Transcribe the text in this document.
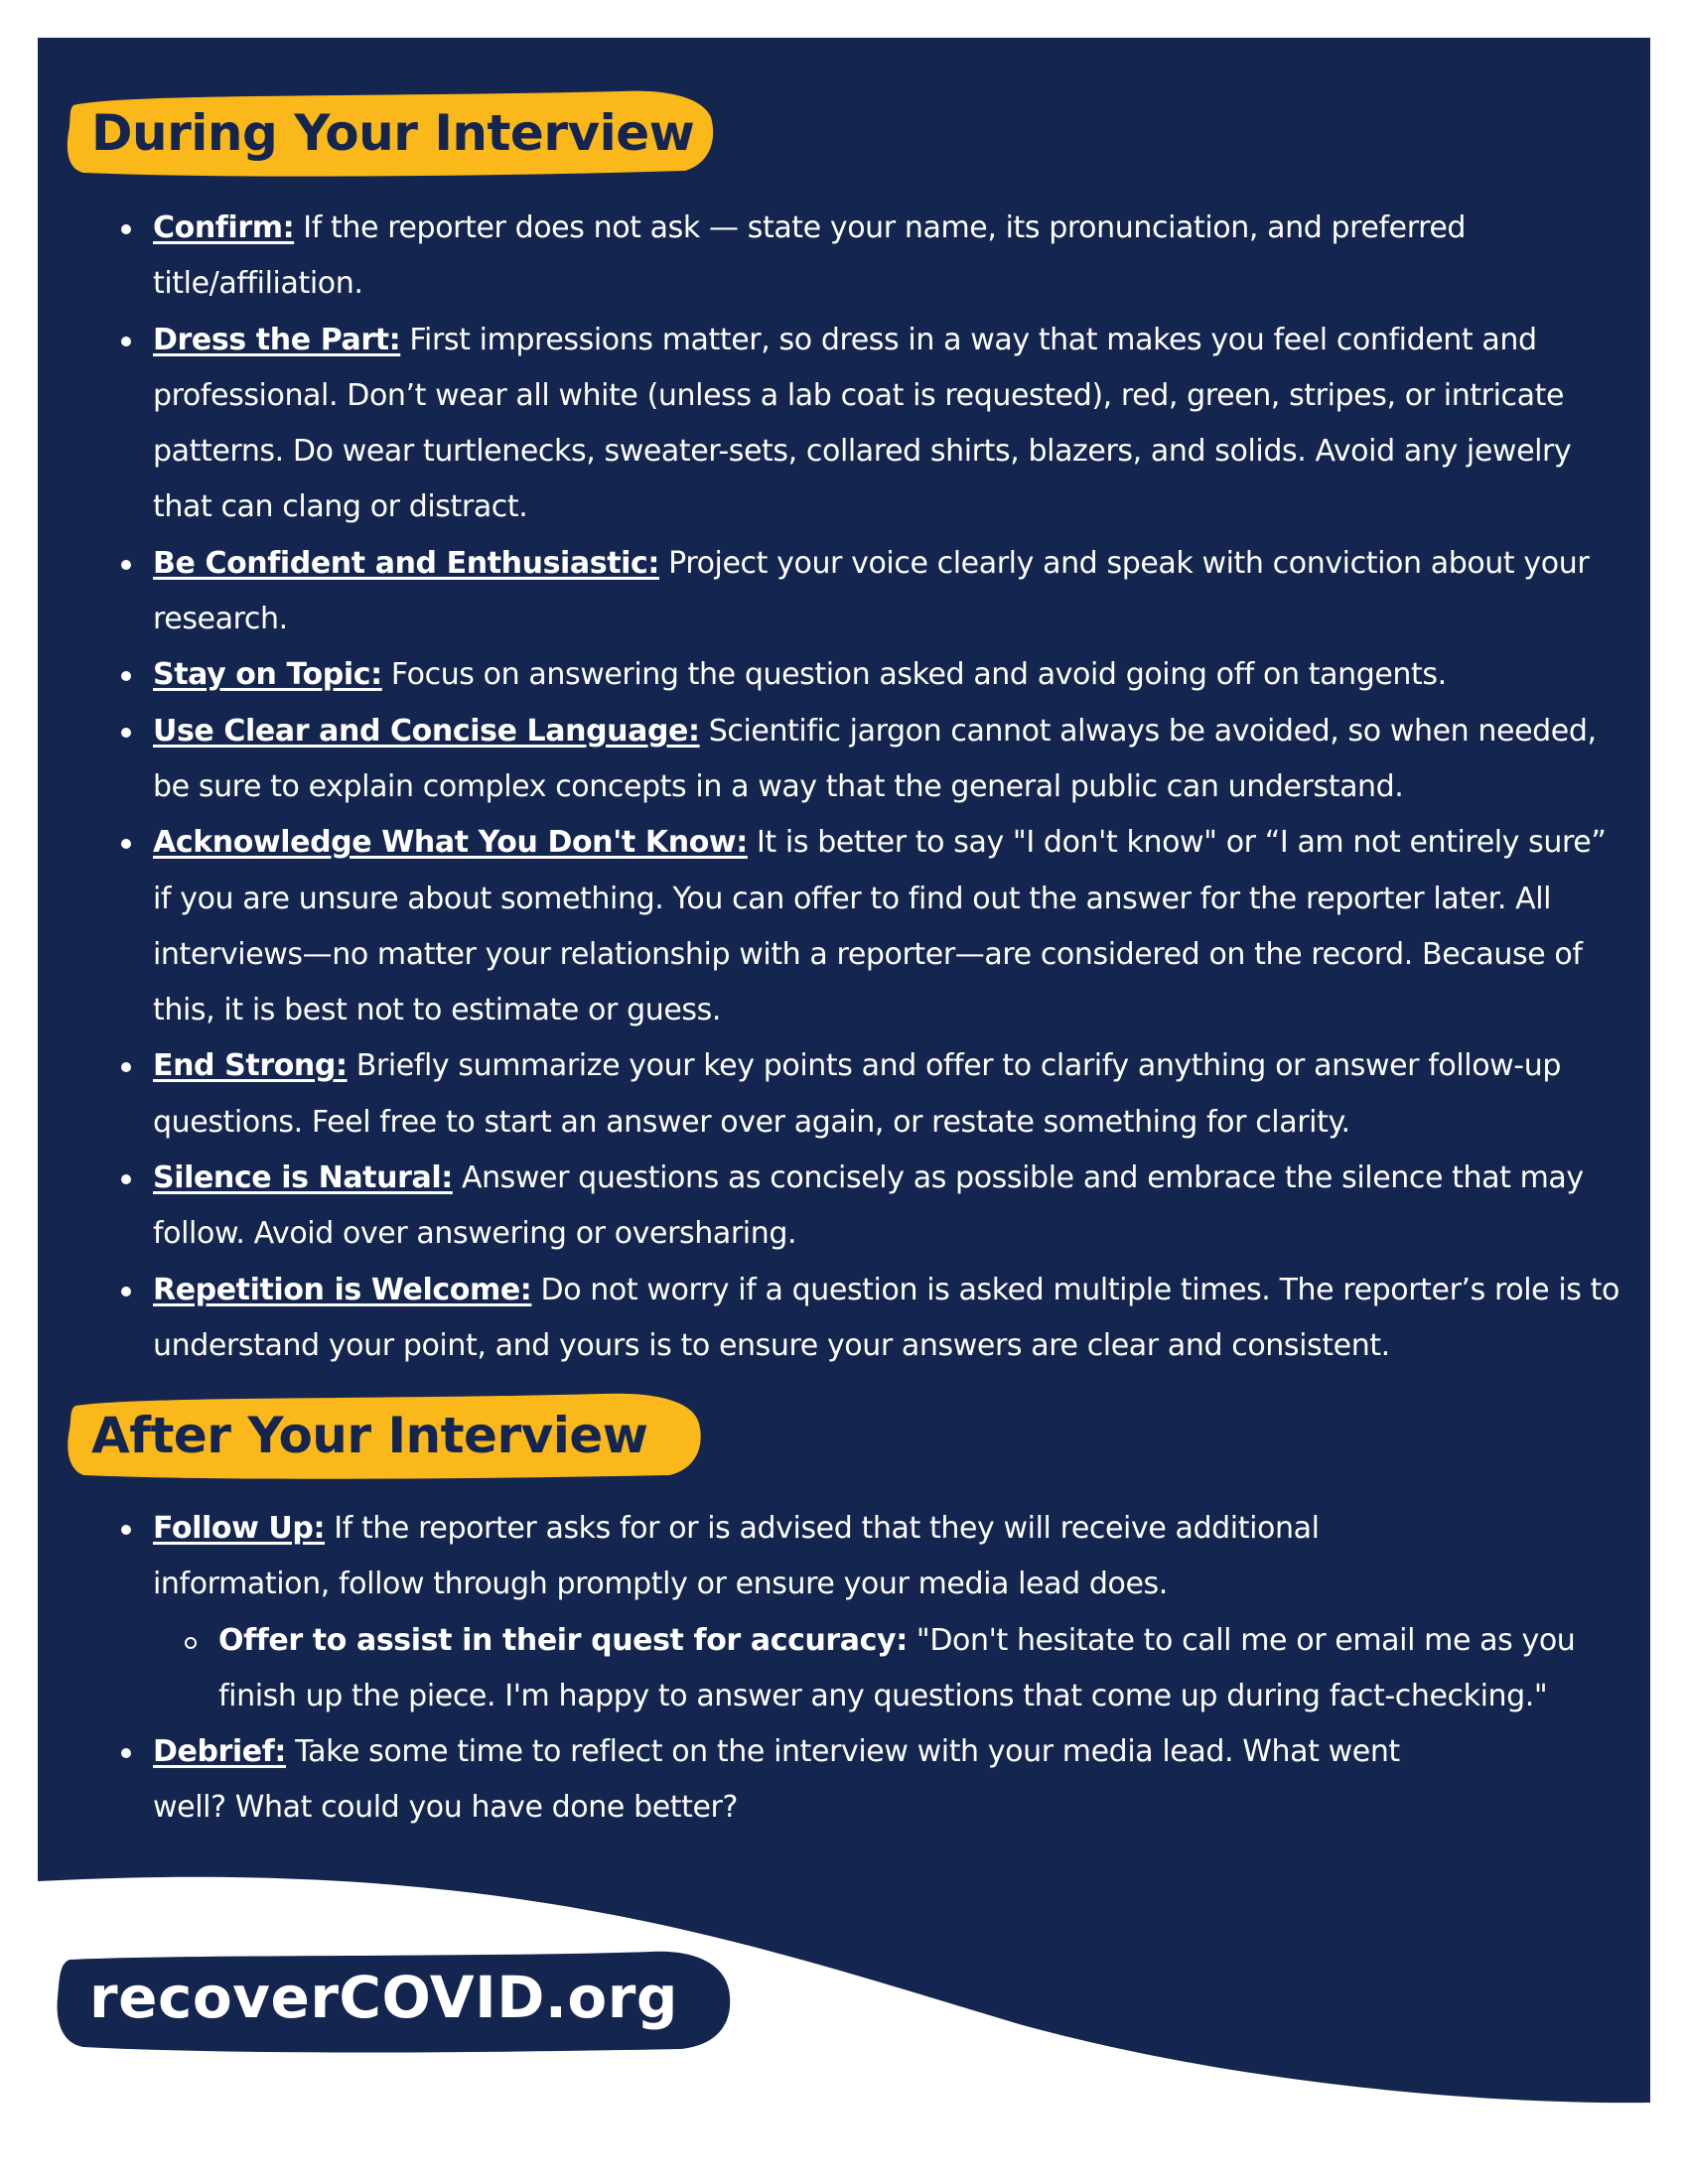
During Your Interview
Confirm: If the reporter does not ask — state your name, its pronunciation, and preferred title/affiliation.
Dress the Part: First impressions matter, so dress in a way that makes you feel confident and professional. Don’t wear all white (unless a lab coat is requested), red, green, stripes, or intricate patterns. Do wear turtlenecks, sweater-sets, collared shirts, blazers, and solids. Avoid any jewelry that can clang or distract.
Be Confident and Enthusiastic: Project your voice clearly and speak with conviction about your research.
Stay on Topic: Focus on answering the question asked and avoid going off on tangents.
Use Clear and Concise Language: Scientific jargon cannot always be avoided, so when needed, be sure to explain complex concepts in a way that the general public can understand.
Acknowledge What You Don't Know: It is better to say "I don't know" or “I am not entirely sure” if you are unsure about something. You can offer to find out the answer for the reporter later. All interviews—no matter your relationship with a reporter—are considered on the record. Because of this, it is best not to estimate or guess.
End Strong: Briefly summarize your key points and offer to clarify anything or answer follow-up questions. Feel free to start an answer over again, or restate something for clarity.
Silence is Natural: Answer questions as concisely as possible and embrace the silence that may follow. Avoid over answering or oversharing.
Repetition is Welcome: Do not worry if a question is asked multiple times. The reporter’s role is to understand your point, and yours is to ensure your answers are clear and consistent.
After Your Interview
Follow Up: If the reporter asks for or is advised that they will receive additional information, follow through promptly or ensure your media lead does.
Offer to assist in their quest for accuracy: "Don't hesitate to call me or email me as you finish up the piece. I'm happy to answer any questions that come up during fact-checking."
Debrief: Take some time to reflect on the interview with your media lead. What went well? What could you have done better?
recoverCOVID.org
